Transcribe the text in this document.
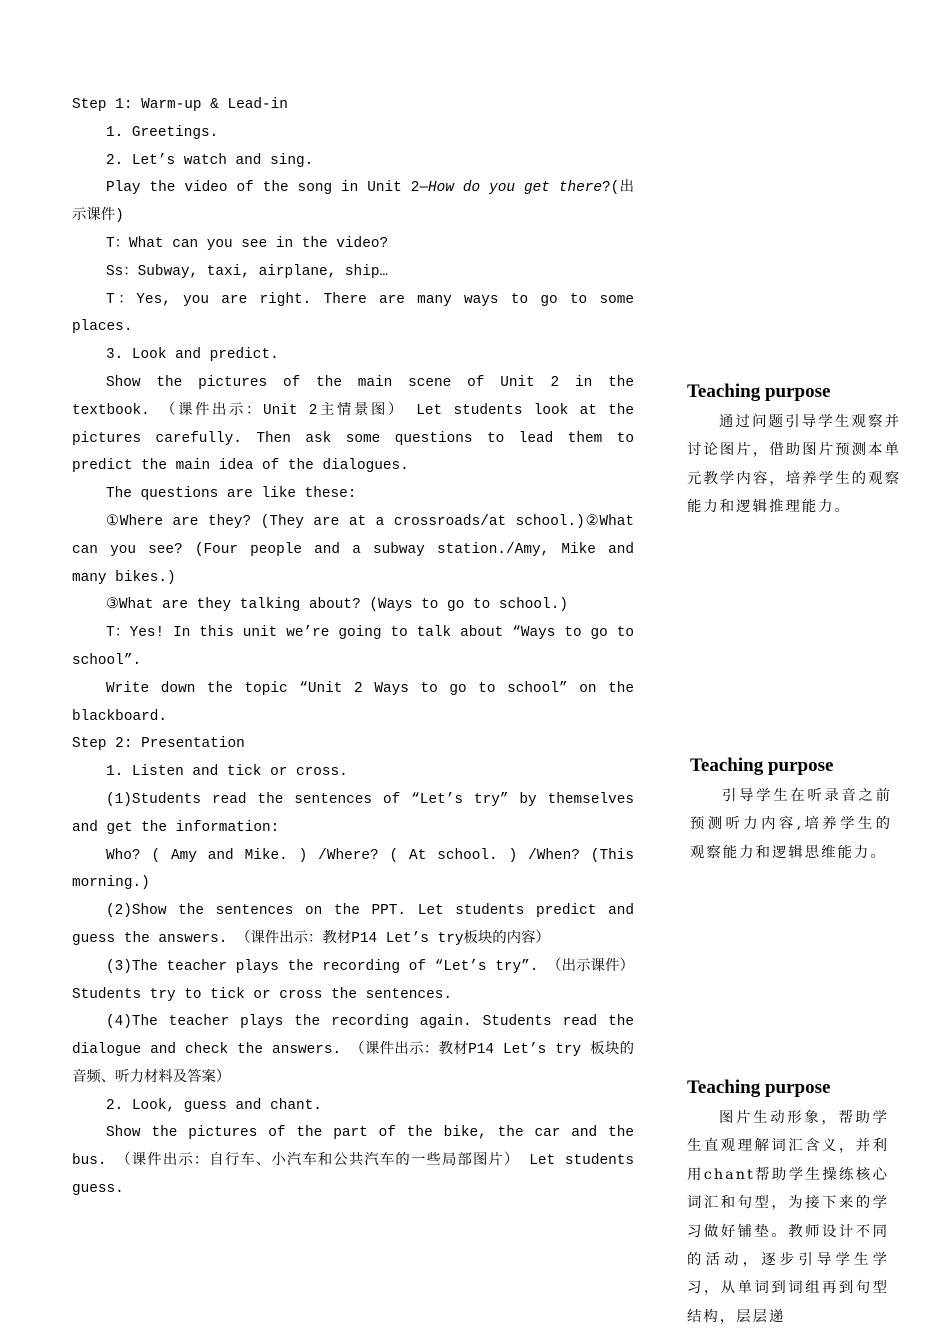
Step 1: Warm-up & Lead-in

1. Greetings.

2. Let’s watch and sing.

Play the video of the song in Unit 2—How do you get there?(出示课件)

T：What can you see in the video?

Ss：Subway, taxi, airplane, ship…

T：Yes, you are right. There are many ways to go to some places.

3. Look and predict.

Show the pictures of the main scene of Unit 2 in the textbook. （课件出示：Unit 2主情景图） Let students look at the pictures carefully. Then ask some questions to lead them to predict the main idea of the dialogues.

The questions are like these:

①Where are they? (They are at a crossroads/at school.)②What can you see? (Four people and a subway station./Amy, Mike and many bikes.)

③What are they talking about? (Ways to go to school.)

T：Yes! In this unit we’re going to talk about “Ways to go to school”.

Write down the topic “Unit 2 Ways to go to school” on the blackboard.

Step 2: Presentation

1. Listen and tick or cross.

(1)Students read the sentences of “Let’s try” by themselves and get the information:

Who? ( Amy and Mike. ) /Where? ( At school. ) /When? (This morning.)

(2)Show the sentences on the PPT. Let students predict and guess the answers. （课件出示：教材P14 Let’s try板块的内容）

(3)The teacher plays the recording of “Let’s try”. （出示课件） Students try to tick or cross the sentences.

(4)The teacher plays the recording again. Students read the dialogue and check the answers. （课件出示：教材P14 Let’s try 板块的音频、听力材料及答案）

2. Look, guess and chant.

Show the pictures of the part of the bike, the car and the bus. （课件出示：自行车、小汽车和公共汽车的一些局部图片） Let students guess.

Teaching purpose

通过问题引导学生观察并讨论图片，借助图片预测本单元教学内容，培养学生的观察能力和逻辑推理能力。

Teaching purpose

引导学生在听录音之前预测听力内容,培养学生的观察能力和逻辑思维能力。

Teaching purpose

图片生动形象，帮助学生直观理解词汇含义，并利用chant帮助学生操练核心词汇和句型，为接下来的学习做好铺垫。教师设计不同的活动，逐步引导学生学习，从单词到词组再到句型结构，层层递
